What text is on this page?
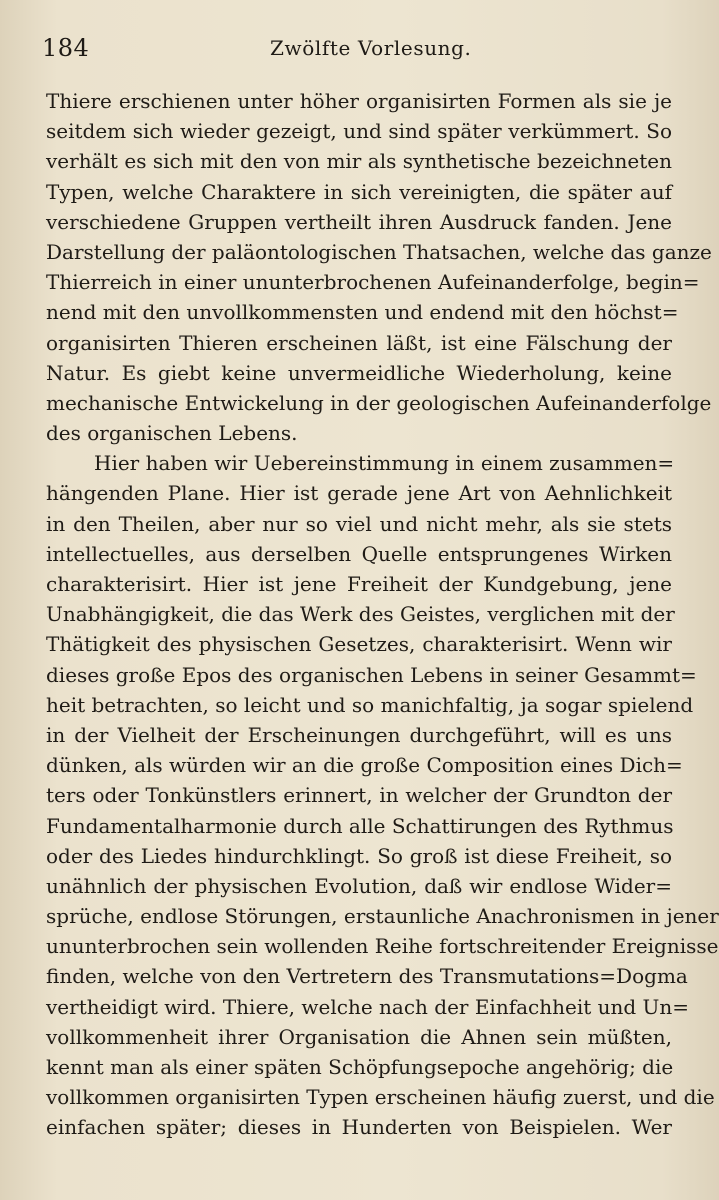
184	Zwölfte Vorlesung.
Thiere erschienen unter höher organisirten Formen als sie je
seitdem sich wieder gezeigt, und sind später verkümmert. So
verhält es sich mit den von mir als synthetische bezeichneten
Typen, welche Charaktere in sich vereinigten, die später auf
verschiedene Gruppen vertheilt ihren Ausdruck fanden. Jene
Darstellung der paläontologischen Thatsachen, welche das ganze
Thierreich in einer ununterbrochenen Aufeinanderfolge, begin=
nend mit den unvollkommensten und endend mit den höchst=
organisirten Thieren erscheinen läßt, ist eine Fälschung der
Natur. Es giebt keine unvermeidliche Wiederholung, keine
mechanische Entwickelung in der geologischen Aufeinanderfolge
des organischen Lebens.
Hier haben wir Uebereinstimmung in einem zusammen=
hängenden Plane. Hier ist gerade jene Art von Aehnlichkeit
in den Theilen, aber nur so viel und nicht mehr, als sie stets
intellectuelles, aus derselben Quelle entsprungenes Wirken
charakterisirt. Hier ist jene Freiheit der Kundgebung, jene
Unabhängigkeit, die das Werk des Geistes, verglichen mit der
Thätigkeit des physischen Gesetzes, charakterisirt. Wenn wir
dieses große Epos des organischen Lebens in seiner Gesammt=
heit betrachten, so leicht und so manichfaltig, ja sogar spielend
in der Vielheit der Erscheinungen durchgeführt, will es uns
dünken, als würden wir an die große Composition eines Dich=
ters oder Tonkünstlers erinnert, in welcher der Grundton der
Fundamentalharmonie durch alle Schattirungen des Rythmus
oder des Liedes hindurchklingt. So groß ist diese Freiheit, so
unähnlich der physischen Evolution, daß wir endlose Wider=
sprüche, endlose Störungen, erstaunliche Anachronismen in jener
ununterbrochen sein wollenden Reihe fortschreitender Ereignisse
finden, welche von den Vertretern des Transmutations=Dogma
vertheidigt wird. Thiere, welche nach der Einfachheit und Un=
vollkommenheit ihrer Organisation die Ahnen sein müßten,
kennt man als einer späten Schöpfungsepoche angehörig; die
vollkommen organisirten Typen erscheinen häufig zuerst, und die
einfachen später; dieses in Hunderten von Beispielen. Wer
